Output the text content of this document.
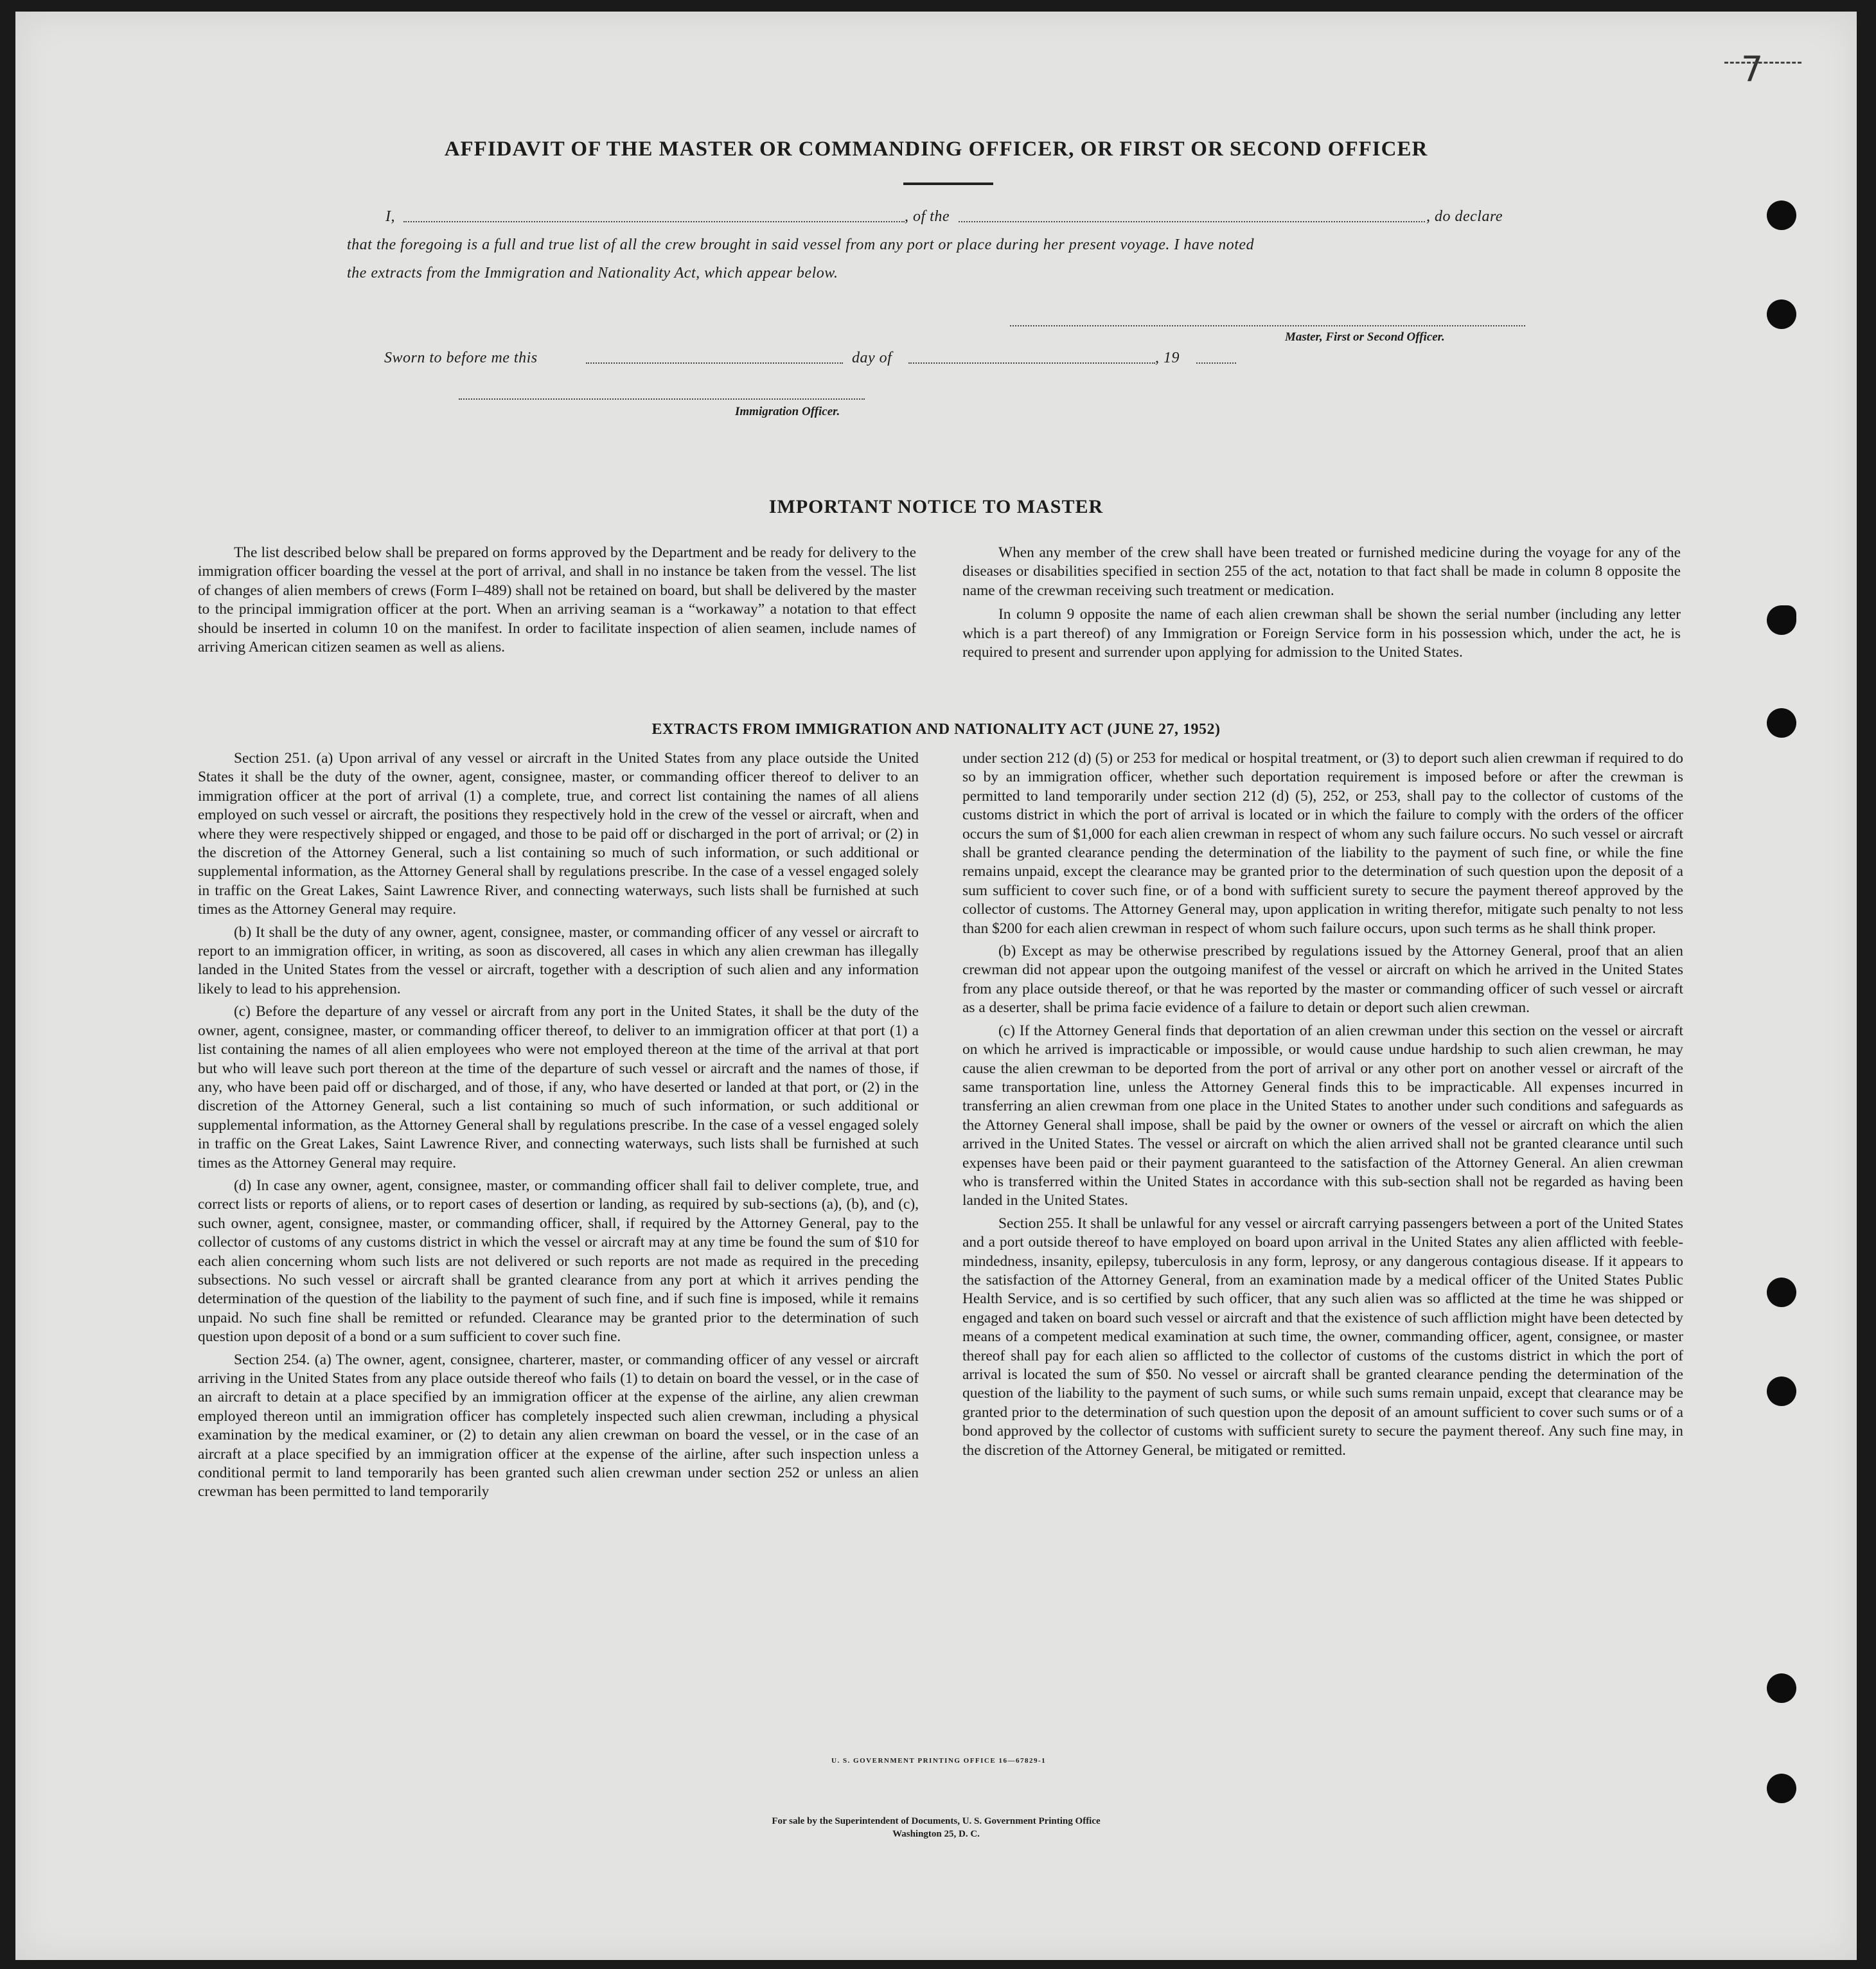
7
AFFIDAVIT OF THE MASTER OR COMMANDING OFFICER, OR FIRST OR SECOND OFFICER
I,	, of the	, do declare
that the foregoing is a full and true list of all the crew brought in said vessel from any port or place during her present voyage. I have noted
the extracts from the Immigration and Nationality Act, which appear below.
Master, First or Second Officer.
Sworn to before me this	day of	, 19
Immigration Officer.
IMPORTANT NOTICE TO MASTER

The list described below shall be prepared on forms approved by the Department and be ready for delivery to the immigration officer boarding the vessel at the port of arrival, and shall in no instance be taken from the vessel. The list of changes of alien members of crews (Form I–489) shall not be retained on board, but shall be delivered by the master to the principal immigration officer at the port. When an arriving seaman is a “workaway” a notation to that effect should be inserted in column 10 on the manifest. In order to facilitate inspection of alien seamen, include names of arriving American citizen seamen as well as aliens.

When any member of the crew shall have been treated or furnished medicine during the voyage for any of the diseases or disabilities specified in section 255 of the act, notation to that fact shall be made in column 8 opposite the name of the crewman receiving such treatment or medication.

In column 9 opposite the name of each alien crewman shall be shown the serial number (including any letter which is a part thereof) of any Immigration or Foreign Service form in his possession which, under the act, he is required to present and surrender upon applying for admission to the United States.

EXTRACTS FROM IMMIGRATION AND NATIONALITY ACT (JUNE 27, 1952)

Section 251. (a) Upon arrival of any vessel or aircraft in the United States from any place outside the United States it shall be the duty of the owner, agent, consignee, master, or commanding officer thereof to deliver to an immigration officer at the port of arrival (1) a complete, true, and correct list containing the names of all aliens employed on such vessel or aircraft, the positions they respectively hold in the crew of the vessel or aircraft, when and where they were respectively shipped or engaged, and those to be paid off or discharged in the port of arrival; or (2) in the discretion of the Attorney General, such a list containing so much of such information, or such additional or supplemental information, as the Attorney General shall by regulations prescribe. In the case of a vessel engaged solely in traffic on the Great Lakes, Saint Lawrence River, and connecting waterways, such lists shall be furnished at such times as the Attorney General may require.

(b) It shall be the duty of any owner, agent, consignee, master, or commanding officer of any vessel or aircraft to report to an immigration officer, in writing, as soon as discovered, all cases in which any alien crewman has illegally landed in the United States from the vessel or aircraft, together with a description of such alien and any information likely to lead to his apprehension.

(c) Before the departure of any vessel or aircraft from any port in the United States, it shall be the duty of the owner, agent, consignee, master, or commanding officer thereof, to deliver to an immigration officer at that port (1) a list containing the names of all alien employees who were not employed thereon at the time of the arrival at that port but who will leave such port thereon at the time of the departure of such vessel or aircraft and the names of those, if any, who have been paid off or discharged, and of those, if any, who have deserted or landed at that port, or (2) in the discretion of the Attorney General, such a list containing so much of such information, or such additional or supplemental information, as the Attorney General shall by regulations prescribe. In the case of a vessel engaged solely in traffic on the Great Lakes, Saint Lawrence River, and connecting waterways, such lists shall be furnished at such times as the Attorney General may require.

(d) In case any owner, agent, consignee, master, or commanding officer shall fail to deliver complete, true, and correct lists or reports of aliens, or to report cases of desertion or landing, as required by sub-sections (a), (b), and (c), such owner, agent, consignee, master, or commanding officer, shall, if required by the Attorney General, pay to the collector of customs of any customs district in which the vessel or aircraft may at any time be found the sum of $10 for each alien concerning whom such lists are not delivered or such reports are not made as required in the preceding subsections. No such vessel or aircraft shall be granted clearance from any port at which it arrives pending the determination of the question of the liability to the payment of such fine, and if such fine is imposed, while it remains unpaid. No such fine shall be remitted or refunded. Clearance may be granted prior to the determination of such question upon deposit of a bond or a sum sufficient to cover such fine.

Section 254. (a) The owner, agent, consignee, charterer, master, or commanding officer of any vessel or aircraft arriving in the United States from any place outside thereof who fails (1) to detain on board the vessel, or in the case of an aircraft to detain at a place specified by an immigration officer at the expense of the airline, any alien crewman employed thereon until an immigration officer has completely inspected such alien crewman, including a physical examination by the medical examiner, or (2) to detain any alien crewman on board the vessel, or in the case of an aircraft at a place specified by an immigration officer at the expense of the airline, after such inspection unless a conditional permit to land temporarily has been granted such alien crewman under section 252 or unless an alien crewman has been permitted to land temporarily

under section 212 (d) (5) or 253 for medical or hospital treatment, or (3) to deport such alien crewman if required to do so by an immigration officer, whether such deportation requirement is imposed before or after the crewman is permitted to land temporarily under section 212 (d) (5), 252, or 253, shall pay to the collector of customs of the customs district in which the port of arrival is located or in which the failure to comply with the orders of the officer occurs the sum of $1,000 for each alien crewman in respect of whom any such failure occurs. No such vessel or aircraft shall be granted clearance pending the determination of the liability to the payment of such fine, or while the fine remains unpaid, except the clearance may be granted prior to the determination of such question upon the deposit of a sum sufficient to cover such fine, or of a bond with sufficient surety to secure the payment thereof approved by the collector of customs. The Attorney General may, upon application in writing therefor, mitigate such penalty to not less than $200 for each alien crewman in respect of whom such failure occurs, upon such terms as he shall think proper.

(b) Except as may be otherwise prescribed by regulations issued by the Attorney General, proof that an alien crewman did not appear upon the outgoing manifest of the vessel or aircraft on which he arrived in the United States from any place outside thereof, or that he was reported by the master or commanding officer of such vessel or aircraft as a deserter, shall be prima facie evidence of a failure to detain or deport such alien crewman.

(c) If the Attorney General finds that deportation of an alien crewman under this section on the vessel or aircraft on which he arrived is impracticable or impossible, or would cause undue hardship to such alien crewman, he may cause the alien crewman to be deported from the port of arrival or any other port on another vessel or aircraft of the same transportation line, unless the Attorney General finds this to be impracticable. All expenses incurred in transferring an alien crewman from one place in the United States to another under such conditions and safeguards as the Attorney General shall impose, shall be paid by the owner or owners of the vessel or aircraft on which the alien arrived in the United States. The vessel or aircraft on which the alien arrived shall not be granted clearance until such expenses have been paid or their payment guaranteed to the satisfaction of the Attorney General. An alien crewman who is transferred within the United States in accordance with this sub-section shall not be regarded as having been landed in the United States.

Section 255. It shall be unlawful for any vessel or aircraft carrying passengers between a port of the United States and a port outside thereof to have employed on board upon arrival in the United States any alien afflicted with feeble-mindedness, insanity, epilepsy, tuberculosis in any form, leprosy, or any dangerous contagious disease. If it appears to the satisfaction of the Attorney General, from an examination made by a medical officer of the United States Public Health Service, and is so certified by such officer, that any such alien was so afflicted at the time he was shipped or engaged and taken on board such vessel or aircraft and that the existence of such affliction might have been detected by means of a competent medical examination at such time, the owner, commanding officer, agent, consignee, or master thereof shall pay for each alien so afflicted to the collector of customs of the customs district in which the port of arrival is located the sum of $50. No vessel or aircraft shall be granted clearance pending the determination of the question of the liability to the payment of such sums, or while such sums remain unpaid, except that clearance may be granted prior to the determination of such question upon the deposit of an amount sufficient to cover such sums or of a bond approved by the collector of customs with sufficient surety to secure the payment thereof. Any such fine may, in the discretion of the Attorney General, be mitigated or remitted.

U. S. GOVERNMENT PRINTING OFFICE 16—67829-1
For sale by the Superintendent of Documents, U. S. Government Printing Office
Washington 25, D. C.
